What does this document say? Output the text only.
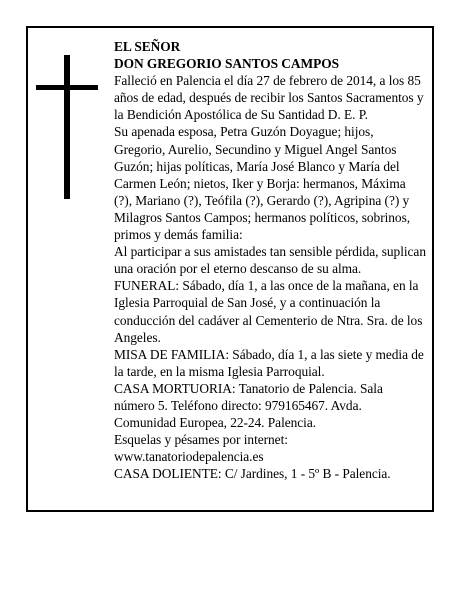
EL SEÑOR

DON GREGORIO SANTOS CAMPOS

Falleció en Palencia el día 27 de febrero de 2014, a los 85 años de edad, después de recibir los Santos Sacramentos y la Bendición Apostólica de Su Santidad D. E. P.

Su apenada esposa, Petra Guzón Doyague; hijos, Gregorio, Aurelio, Secundino y Miguel Angel Santos Guzón; hijas políticas, María José Blanco y María del Carmen León; nietos, Iker y Borja: hermanos, Máxima (?), Mariano (?), Teófila (?), Gerardo (?), Agripina (?) y Milagros Santos Campos; hermanos políticos, sobrinos, primos y demás familia:

Al participar a sus amistades tan sensible pérdida, suplican una oración por el eterno descanso de su alma.

FUNERAL: Sábado, día 1, a las once de la mañana, en la Iglesia Parroquial de San José, y a continuación la conducción del cadáver al Cementerio de Ntra. Sra. de los Angeles.

MISA DE FAMILIA: Sábado, día 1, a las siete y media de la tarde, en la misma Iglesia Parroquial.

CASA MORTUORIA: Tanatorio de Palencia. Sala número 5. Teléfono directo: 979165467. Avda. Comunidad Europea, 22-24. Palencia.

Esquelas y pésames por internet:

www.tanatoriodepalencia.es

CASA DOLIENTE: C/ Jardines, 1 - 5º B - Palencia.
